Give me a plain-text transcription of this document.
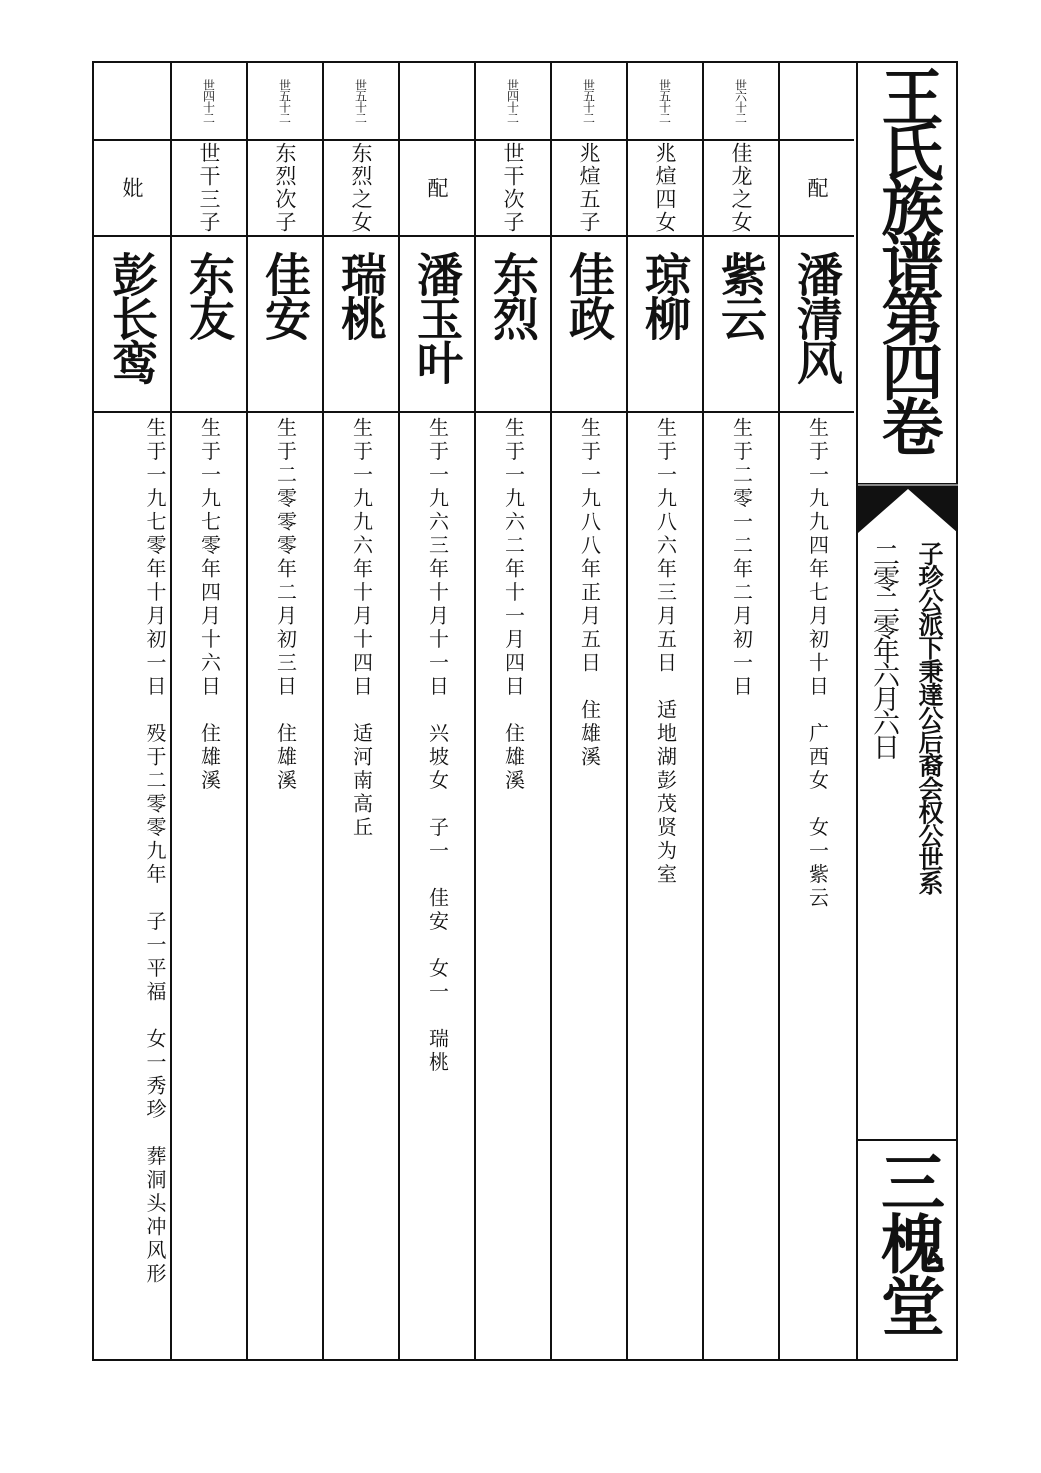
妣
彭长鸾
生于一九七零年十月初一日　殁于二零零九年　子一平福　女一秀珍　葬洞头冲风形
世四十二
世干三子
东友
生于一九七零年四月十六日　住雄溪
世五十二
东烈次子
佳安
生于二零零零年二月初三日　住雄溪
世五十二
东烈之女
瑞桃
生于一九九六年十月十四日　适河南高丘
配
潘玉叶
生于一九六三年十月十一日　兴坡女　子一　佳安　女一　瑞桃
世四十二
世干次子
东烈
生于一九六二年十一月四日　住雄溪
世五十二
兆煊五子
佳政
生于一九八八年正月五日　住雄溪
世五十二
兆煊四女
琼柳
生于一九八六年三月五日　适地湖彭茂贤为室
世六十二
佳龙之女
紫云
生于二零一二年二月初一日
配
潘清风
生于一九九四年七月初十日　广西女　女一紫云
王氏族谱第四卷
子珍公派下秉達公后裔会权公世系
二零二零年六月六日
三槐堂
